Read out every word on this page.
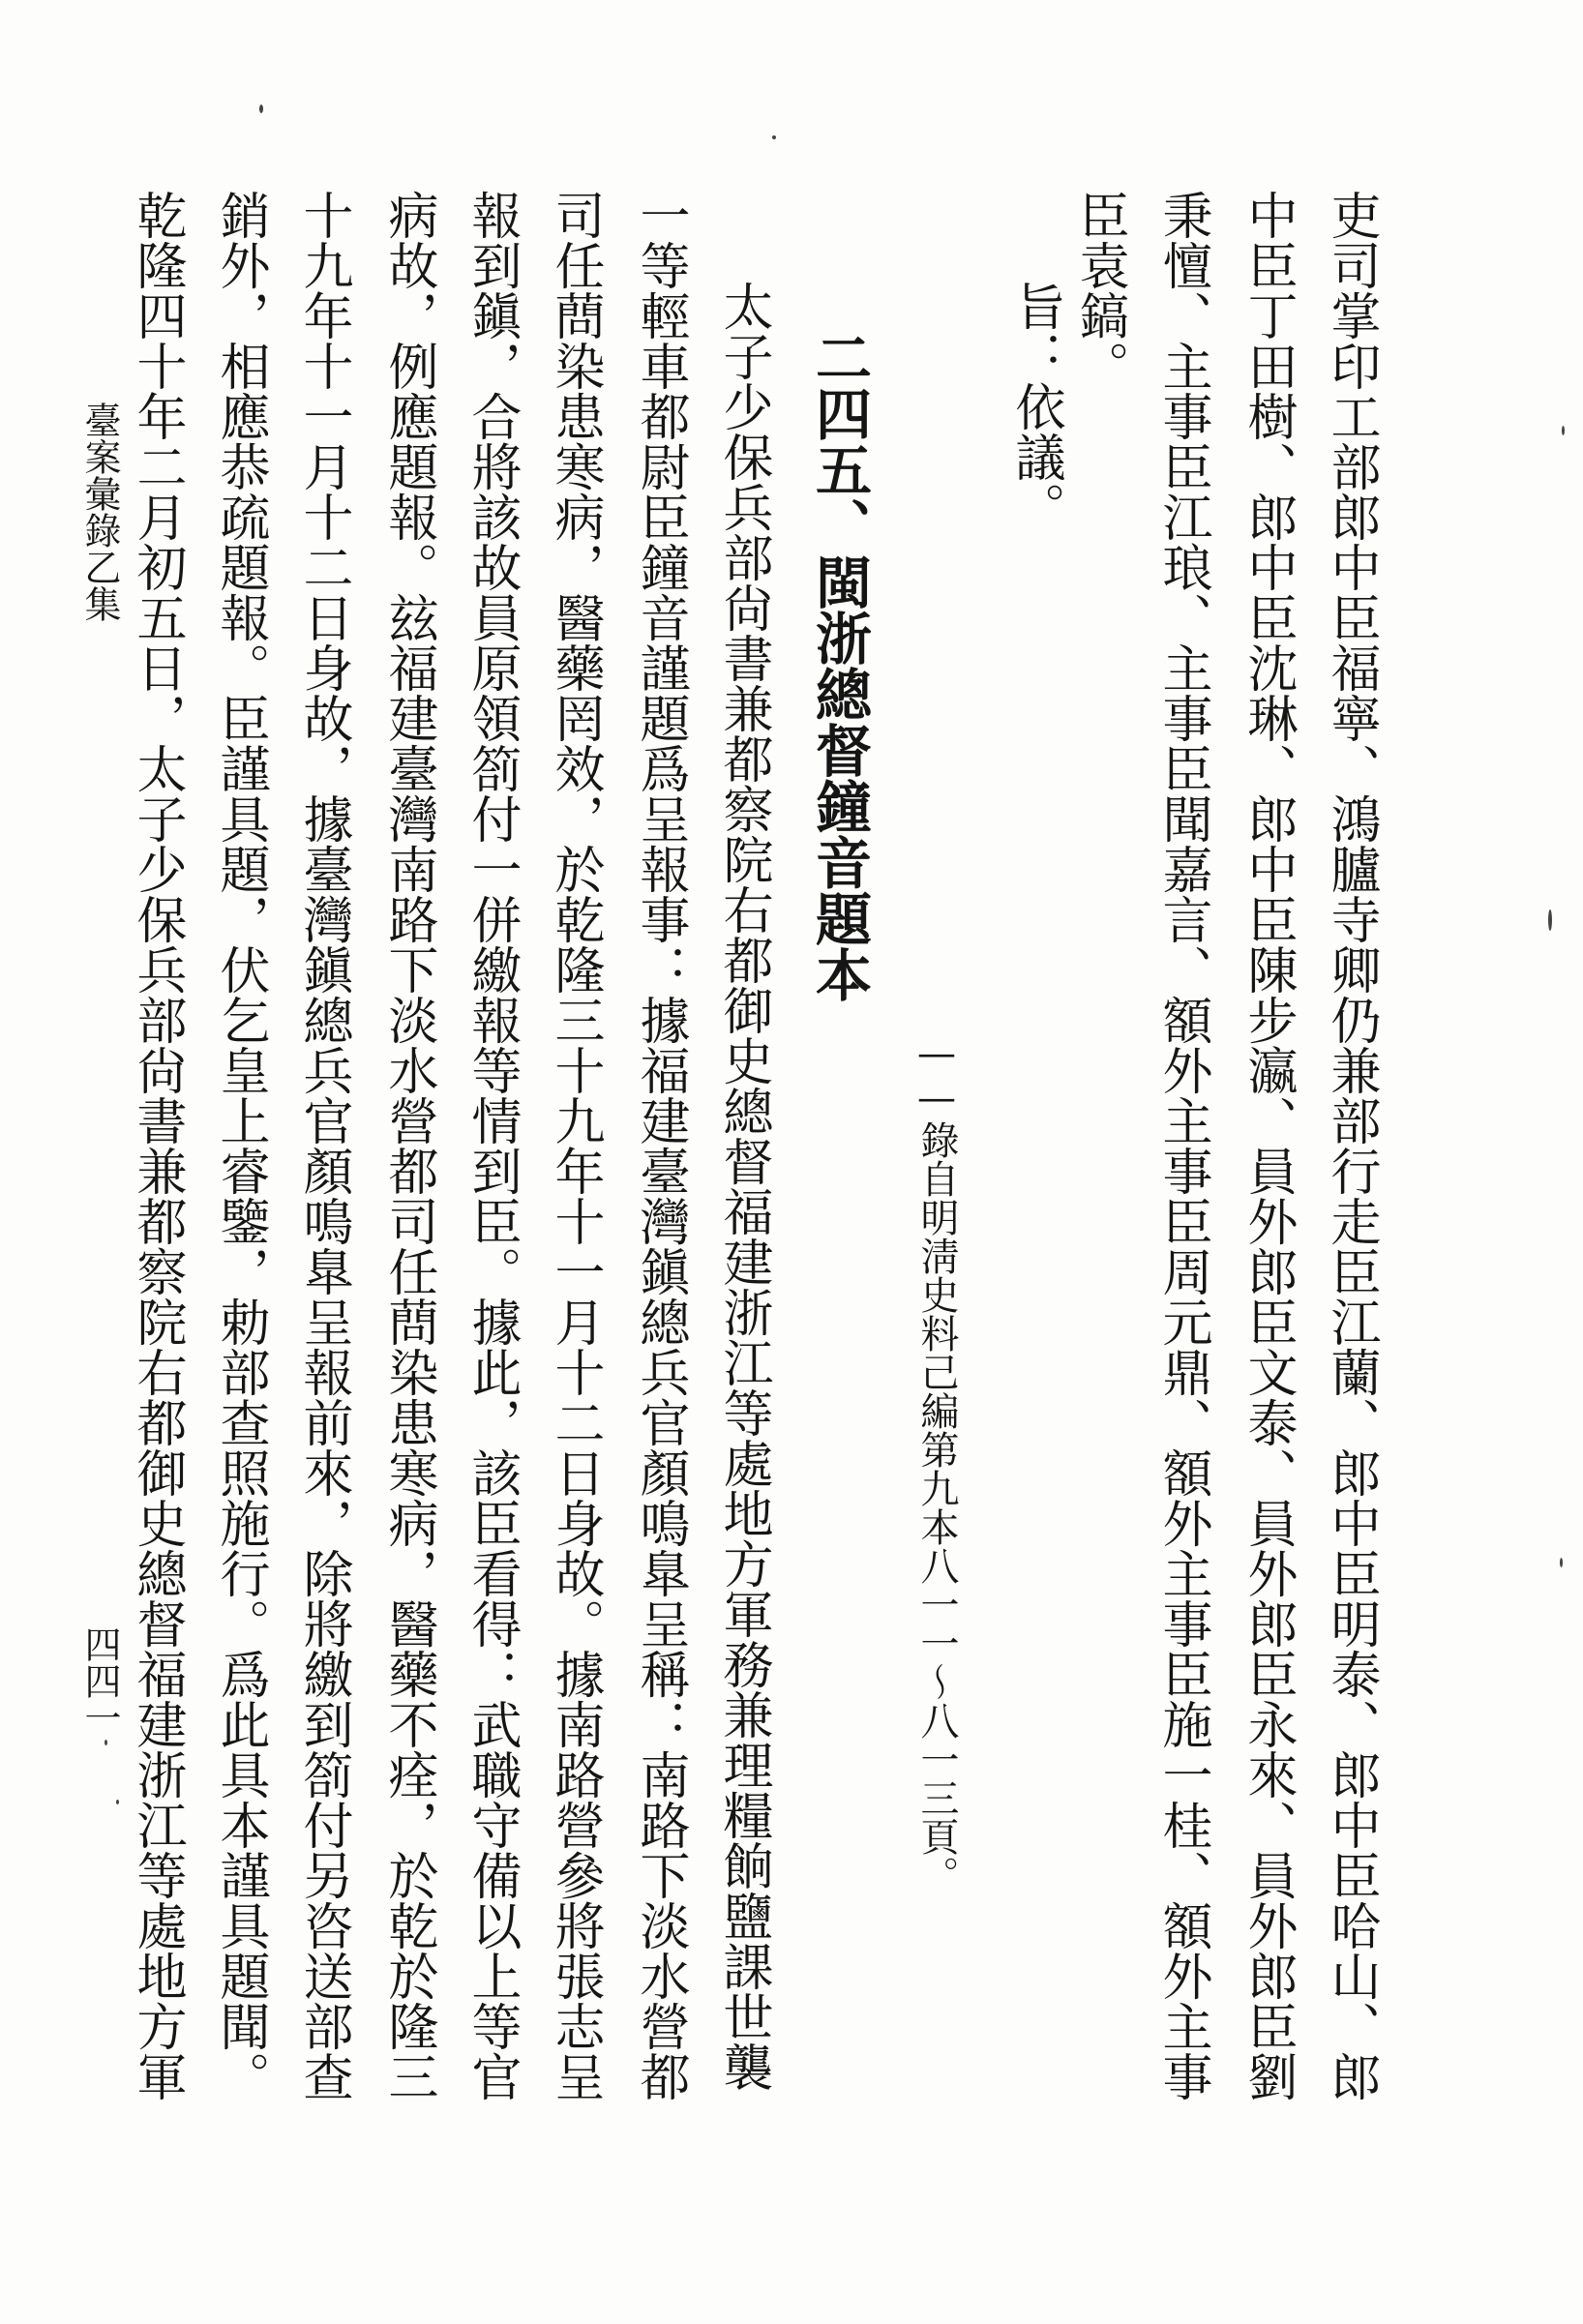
吏司掌印工部郎中臣福寧、鴻臚寺卿仍兼部行走臣江蘭、郎中臣明泰、郎中臣哈山、郎
中臣丁田樹、郎中臣沈琳、郎中臣陳步瀛、員外郎臣文泰、員外郎臣永來、員外郎臣劉
秉憻、主事臣江琅、主事臣聞嘉言、額外主事臣周元鼎、額外主事臣施一桂、額外主事
臣袁鎬。
旨：依議。
——錄自明淸史料己編第九本八一一～八一三頁。
二四五、閩浙總督鐘音題本
太子少保兵部尙書兼都察院右都御史總督福建浙江等處地方軍務兼理糧餉鹽課世襲
一等輕車都尉臣鐘音謹題爲呈報事：據福建臺灣鎭總兵官顏鳴臯呈稱：南路下淡水營都
司任蔄染患寒病，醫藥罔效，於乾隆三十九年十一月十二日身故。據南路營參將張志呈
報到鎭，合將該故員原領箚付一併繳報等情到臣。據此，該臣看得：武職守備以上等官
病故，例應題報。玆福建臺灣南路下淡水營都司任蔄染患寒病，醫藥不痊，於乾於隆三
十九年十一月十二日身故，據臺灣鎭總兵官顏鳴臯呈報前來，除將繳到箚付另咨送部查
銷外，相應恭疏題報。臣謹具題，伏乞皇上睿鑒，勅部查照施行。爲此具本謹具題聞。
乾隆四十年二月初五日，太子少保兵部尙書兼都察院右都御史總督福建浙江等處地方軍
臺案彙錄乙集
四四一
